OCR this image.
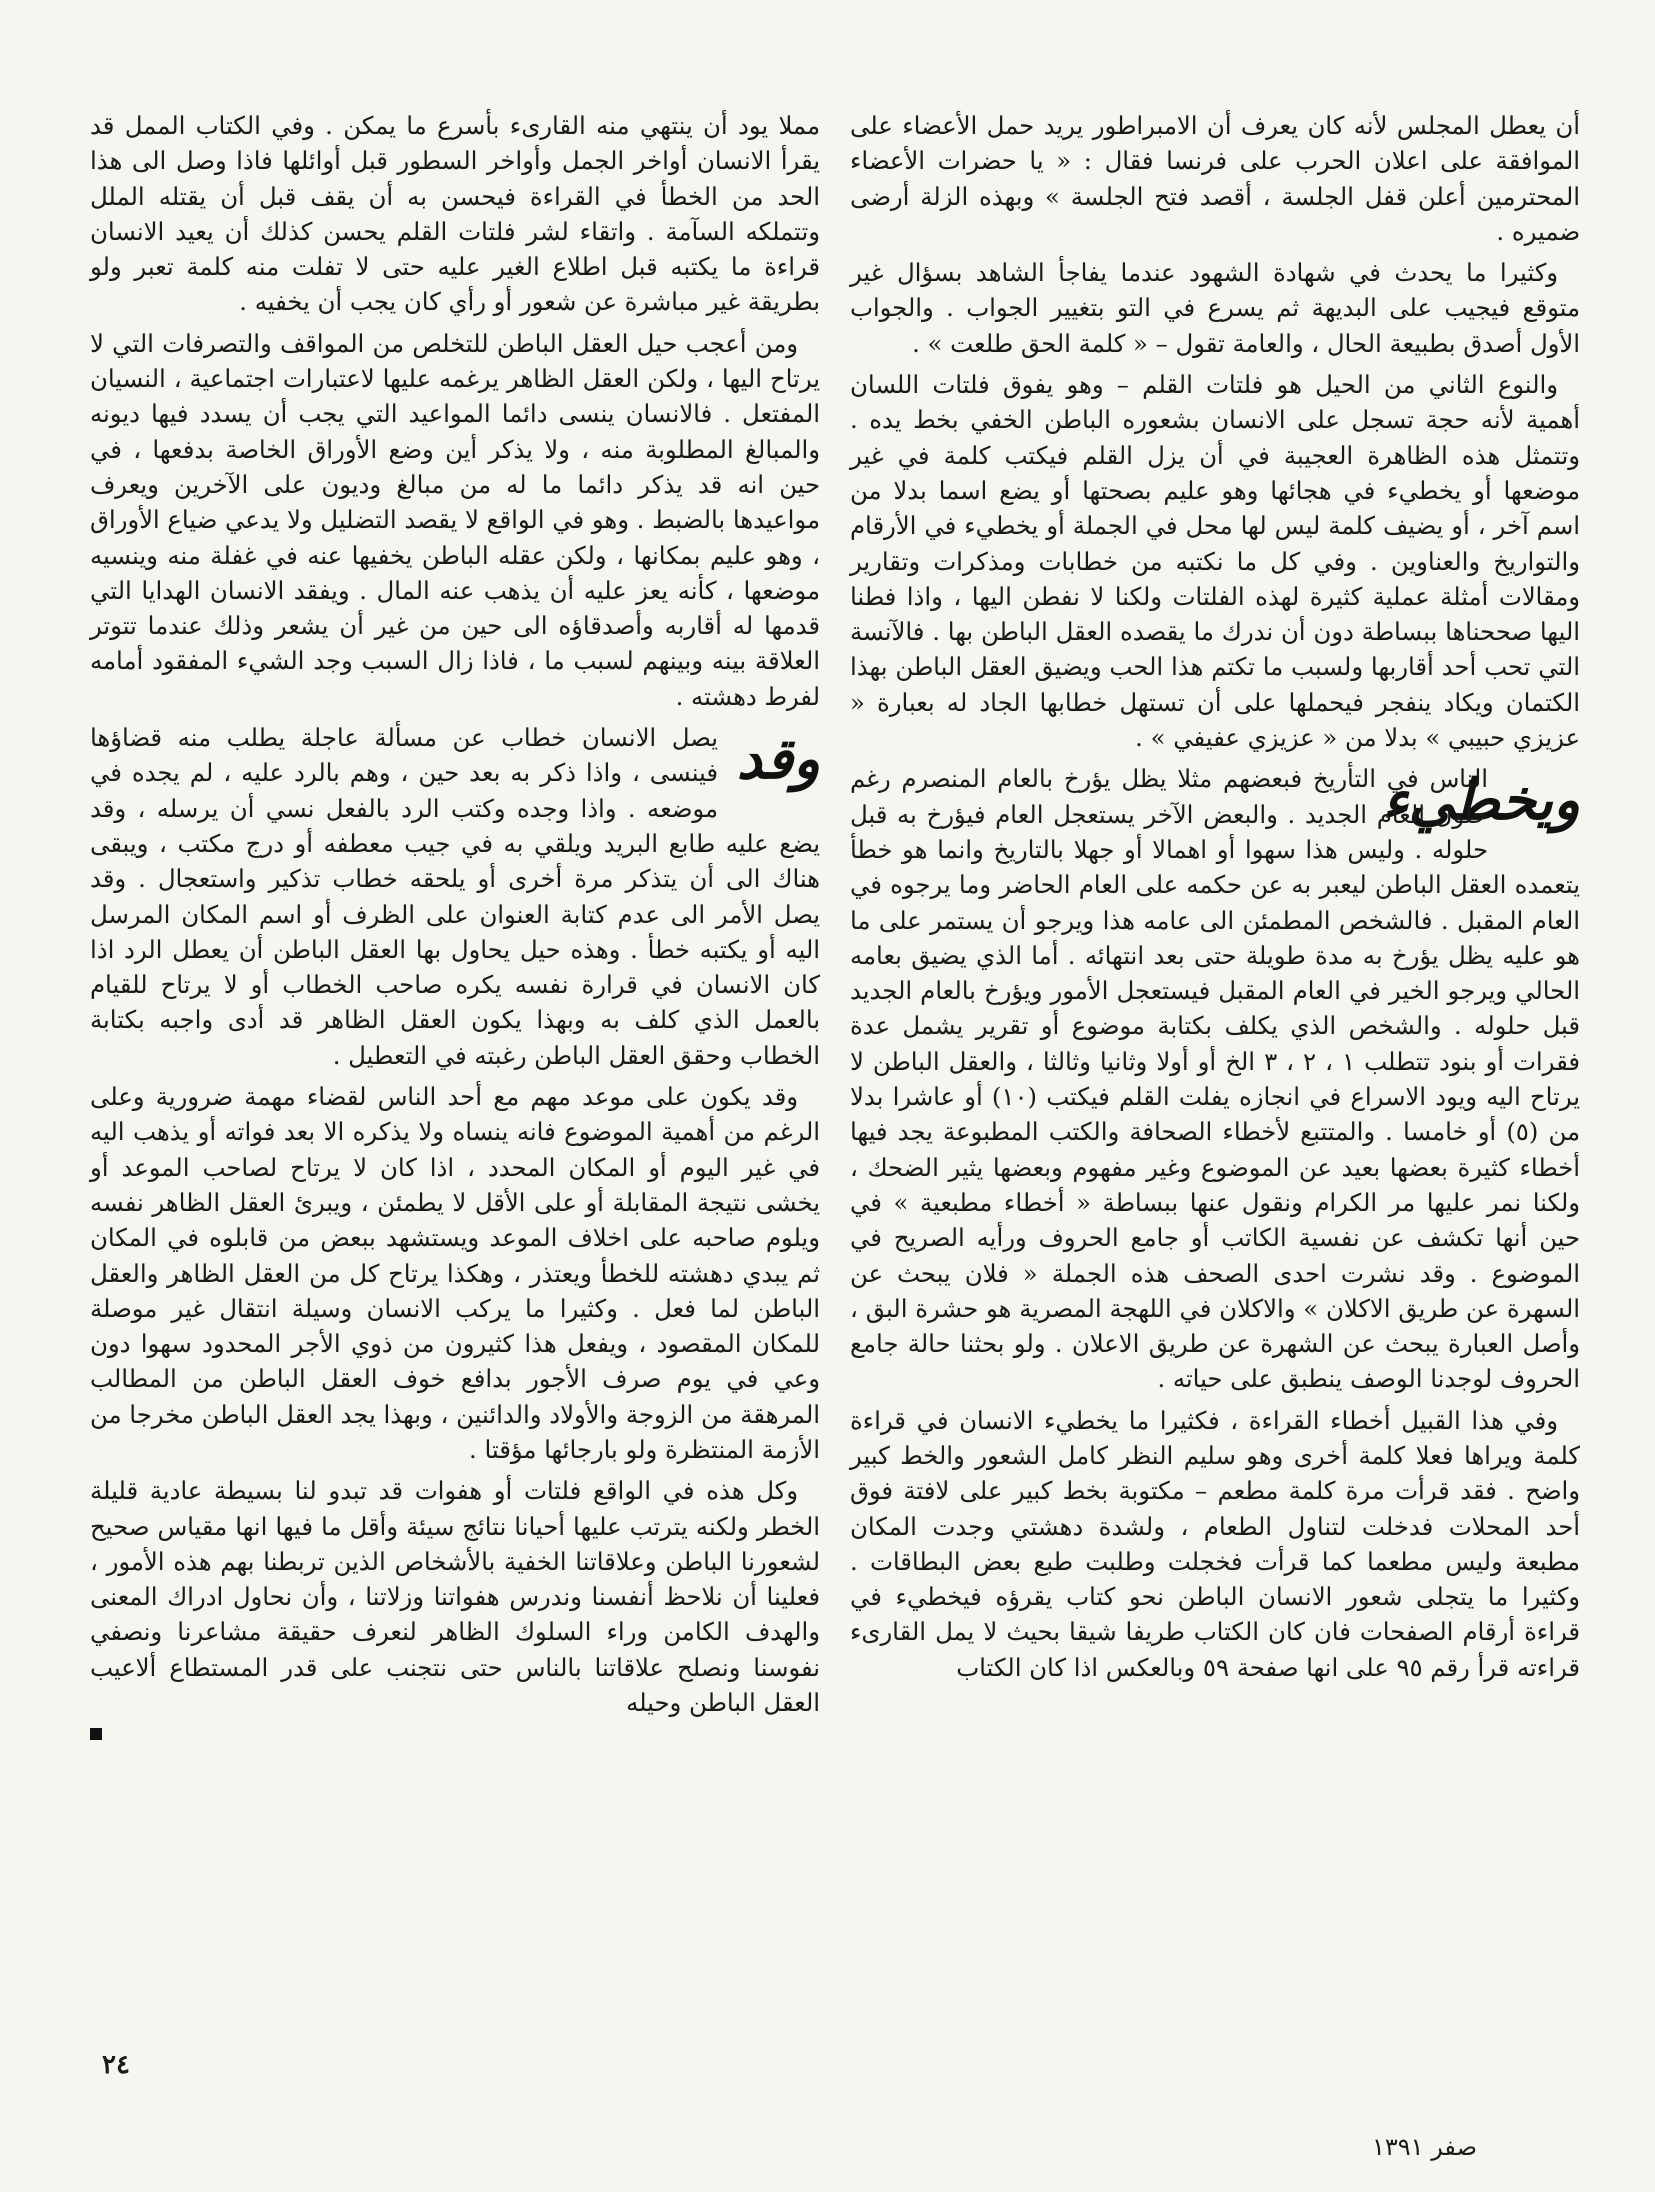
أن يعطل المجلس لأنه كان يعرف أن الامبراطور يريد حمل الأعضاء على الموافقة على اعلان الحرب على فرنسا فقال : « يا حضرات الأعضاء المحترمين أعلن قفل الجلسة ، أقصد فتح الجلسة » وبهذه الزلة أرضى ضميره .

وكثيرا ما يحدث في شهادة الشهود عندما يفاجأ الشاهد بسؤال غير متوقع فيجيب على البديهة ثم يسرع في التو بتغيير الجواب . والجواب الأول أصدق بطبيعة الحال ، والعامة تقول – « كلمة الحق طلعت » .

والنوع الثاني من الحيل هو فلتات القلم – وهو يفوق فلتات اللسان أهمية لأنه حجة تسجل على الانسان بشعوره الباطن الخفي بخط يده . وتتمثل هذه الظاهرة العجيبة في أن يزل القلم فيكتب كلمة في غير موضعها أو يخطيء في هجائها وهو عليم بصحتها أو يضع اسما بدلا من اسم آخر ، أو يضيف كلمة ليس لها محل في الجملة أو يخطيء في الأرقام والتواريخ والعناوين . وفي كل ما نكتبه من خطابات ومذكرات وتقارير ومقالات أمثلة عملية كثيرة لهذه الفلتات ولكنا لا نفطن اليها ، واذا فطنا اليها صححناها ببساطة دون أن ندرك ما يقصده العقل الباطن بها . فالآنسة التي تحب أحد أقاربها ولسبب ما تكتم هذا الحب ويضيق العقل الباطن بهذا الكتمان ويكاد ينفجر فيحملها على أن تستهل خطابها الجاد له بعبارة « عزيزي حبيبي » بدلا من « عزيزي عفيفي » .

ويخطيء
الناس في التأريخ فبعضهم مثلا يظل يؤرخ بالعام المنصرم رغم حلول العام الجديد . والبعض الآخر يستعجل العام فيؤرخ به قبل حلوله . وليس هذا سهوا أو اهمالا أو جهلا بالتاريخ وانما هو خطأ يتعمده العقل الباطن ليعبر به عن حكمه على العام الحاضر وما يرجوه في العام المقبل . فالشخص المطمئن الى عامه هذا ويرجو أن يستمر على ما هو عليه يظل يؤرخ به مدة طويلة حتى بعد انتهائه . أما الذي يضيق بعامه الحالي ويرجو الخير في العام المقبل فيستعجل الأمور ويؤرخ بالعام الجديد قبل حلوله . والشخص الذي يكلف بكتابة موضوع أو تقرير يشمل عدة فقرات أو بنود تتطلب ١ ، ٢ ، ٣ الخ أو أولا وثانيا وثالثا ، والعقل الباطن لا يرتاح اليه ويود الاسراع في انجازه يفلت القلم فيكتب (١٠) أو عاشرا بدلا من (٥) أو خامسا . والمتتبع لأخطاء الصحافة والكتب المطبوعة يجد فيها أخطاء كثيرة بعضها بعيد عن الموضوع وغير مفهوم وبعضها يثير الضحك ، ولكنا نمر عليها مر الكرام ونقول عنها ببساطة « أخطاء مطبعية » في حين أنها تكشف عن نفسية الكاتب أو جامع الحروف ورأيه الصريح في الموضوع . وقد نشرت احدى الصحف هذه الجملة « فلان يبحث عن السهرة عن طريق الاكلان » والاكلان في اللهجة المصرية هو حشرة البق ، وأصل العبارة يبحث عن الشهرة عن طريق الاعلان . ولو بحثنا حالة جامع الحروف لوجدنا الوصف ينطبق على حياته .

وفي هذا القبيل أخطاء القراءة ، فكثيرا ما يخطيء الانسان في قراءة كلمة ويراها فعلا كلمة أخرى وهو سليم النظر كامل الشعور والخط كبير واضح . فقد قرأت مرة كلمة مطعم – مكتوبة بخط كبير على لافتة فوق أحد المحلات فدخلت لتناول الطعام ، ولشدة دهشتي وجدت المكان مطبعة وليس مطعما كما قرأت فخجلت وطلبت طبع بعض البطاقات . وكثيرا ما يتجلى شعور الانسان الباطن نحو كتاب يقرؤه فيخطيء في قراءة أرقام الصفحات فان كان الكتاب طريفا شيقا بحيث لا يمل القارىء قراءته قرأ رقم ٩٥ على انها صفحة ٥٩ وبالعكس اذا كان الكتاب

مملا يود أن ينتهي منه القارىء بأسرع ما يمكن . وفي الكتاب الممل قد يقرأ الانسان أواخر الجمل وأواخر السطور قبل أوائلها فاذا وصل الى هذا الحد من الخطأ في القراءة فيحسن به أن يقف قبل أن يقتله الملل وتتملكه السآمة . واتقاء لشر فلتات القلم يحسن كذلك أن يعيد الانسان قراءة ما يكتبه قبل اطلاع الغير عليه حتى لا تفلت منه كلمة تعبر ولو بطريقة غير مباشرة عن شعور أو رأي كان يجب أن يخفيه .

ومن أعجب حيل العقل الباطن للتخلص من المواقف والتصرفات التي لا يرتاح اليها ، ولكن العقل الظاهر يرغمه عليها لاعتبارات اجتماعية ، النسيان المفتعل . فالانسان ينسى دائما المواعيد التي يجب أن يسدد فيها ديونه والمبالغ المطلوبة منه ، ولا يذكر أين وضع الأوراق الخاصة بدفعها ، في حين انه قد يذكر دائما ما له من مبالغ وديون على الآخرين ويعرف مواعيدها بالضبط . وهو في الواقع لا يقصد التضليل ولا يدعي ضياع الأوراق ، وهو عليم بمكانها ، ولكن عقله الباطن يخفيها عنه في غفلة منه وينسيه موضعها ، كأنه يعز عليه أن يذهب عنه المال . ويفقد الانسان الهدايا التي قدمها له أقاربه وأصدقاؤه الى حين من غير أن يشعر وذلك عندما تتوتر العلاقة بينه وبينهم لسبب ما ، فاذا زال السبب وجد الشيء المفقود أمامه لفرط دهشته .

وقد
يصل الانسان خطاب عن مسألة عاجلة يطلب منه قضاؤها فينسى ، واذا ذكر به بعد حين ، وهم بالرد عليه ، لم يجده في موضعه . واذا وجده وكتب الرد بالفعل نسي أن يرسله ، وقد يضع عليه طابع البريد ويلقي به في جيب معطفه أو درج مكتب ، ويبقى هناك الى أن يتذكر مرة أخرى أو يلحقه خطاب تذكير واستعجال . وقد يصل الأمر الى عدم كتابة العنوان على الظرف أو اسم المكان المرسل اليه أو يكتبه خطأ . وهذه حيل يحاول بها العقل الباطن أن يعطل الرد اذا كان الانسان في قرارة نفسه يكره صاحب الخطاب أو لا يرتاح للقيام بالعمل الذي كلف به وبهذا يكون العقل الظاهر قد أدى واجبه بكتابة الخطاب وحقق العقل الباطن رغبته في التعطيل .

وقد يكون على موعد مهم مع أحد الناس لقضاء مهمة ضرورية وعلى الرغم من أهمية الموضوع فانه ينساه ولا يذكره الا بعد فواته أو يذهب اليه في غير اليوم أو المكان المحدد ، اذا كان لا يرتاح لصاحب الموعد أو يخشى نتيجة المقابلة أو على الأقل لا يطمئن ، ويبرئ العقل الظاهر نفسه ويلوم صاحبه على اخلاف الموعد ويستشهد ببعض من قابلوه في المكان ثم يبدي دهشته للخطأ ويعتذر ، وهكذا يرتاح كل من العقل الظاهر والعقل الباطن لما فعل . وكثيرا ما يركب الانسان وسيلة انتقال غير موصلة للمكان المقصود ، ويفعل هذا كثيرون من ذوي الأجر المحدود سهوا دون وعي في يوم صرف الأجور بدافع خوف العقل الباطن من المطالب المرهقة من الزوجة والأولاد والدائنين ، وبهذا يجد العقل الباطن مخرجا من الأزمة المنتظرة ولو بارجائها مؤقتا .

وكل هذه في الواقع فلتات أو هفوات قد تبدو لنا بسيطة عادية قليلة الخطر ولكنه يترتب عليها أحيانا نتائج سيئة وأقل ما فيها انها مقياس صحيح لشعورنا الباطن وعلاقاتنا الخفية بالأشخاص الذين تربطنا بهم هذه الأمور ، فعلينا أن نلاحظ أنفسنا وندرس هفواتنا وزلاتنا ، وأن نحاول ادراك المعنى والهدف الكامن وراء السلوك الظاهر لنعرف حقيقة مشاعرنا ونصفي نفوسنا ونصلح علاقاتنا بالناس حتى نتجنب على قدر المستطاع ألاعيب العقل الباطن وحيله

٢٤
صفر ١٣٩١
